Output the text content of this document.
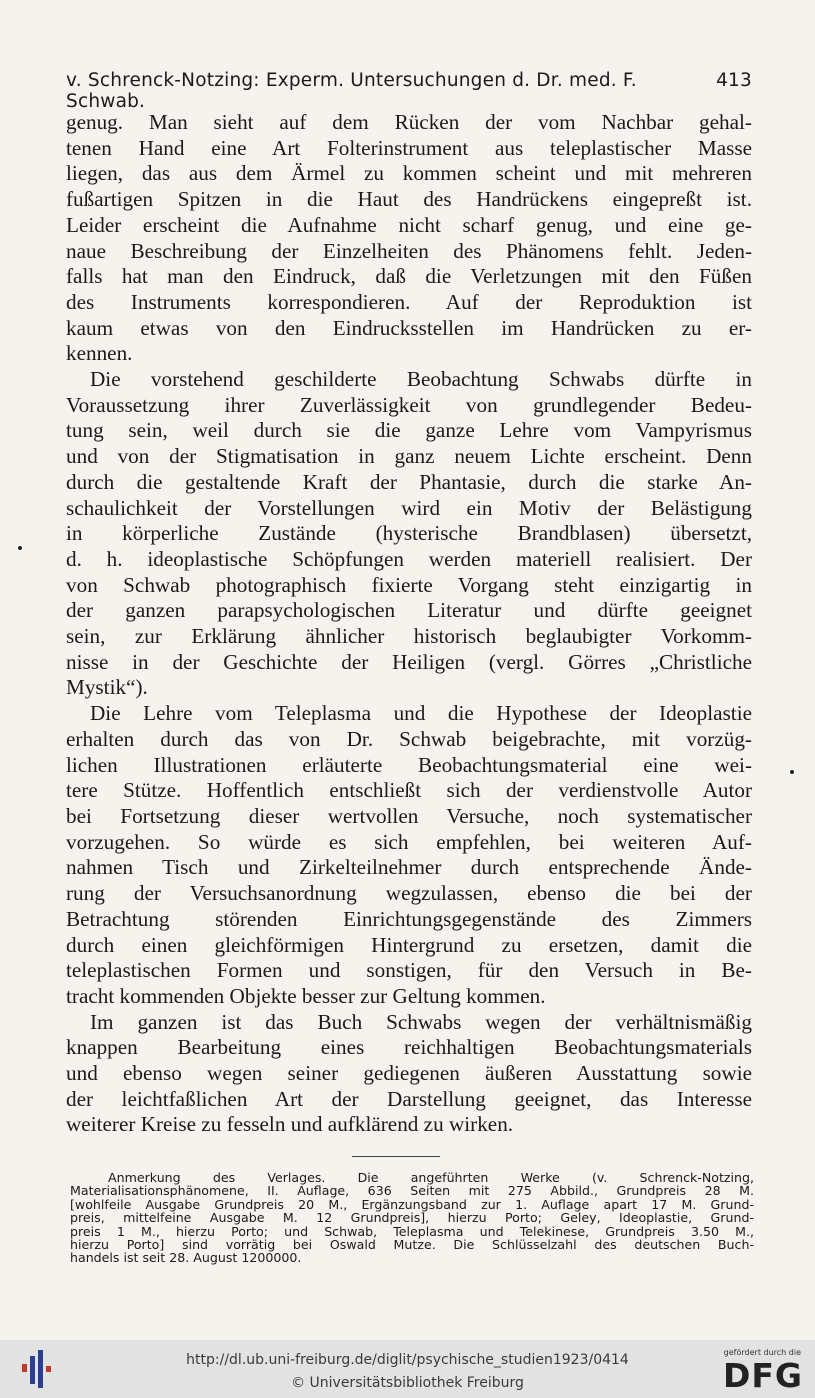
v. Schrenck-Notzing: Experm. Untersuchungen d. Dr. med. F. Schwab.
413

genug. Man sieht auf dem Rücken der vom Nachbar gehal-

tenen Hand eine Art Folterinstrument aus teleplastischer Masse

liegen, das aus dem Ärmel zu kommen scheint und mit mehreren

fußartigen Spitzen in die Haut des Handrückens eingepreßt ist.

Leider erscheint die Aufnahme nicht scharf genug, und eine ge-

naue Beschreibung der Einzelheiten des Phänomens fehlt. Jeden-

falls hat man den Eindruck, daß die Verletzungen mit den Füßen

des Instruments korrespondieren. Auf der Reproduktion ist

kaum etwas von den Eindrucksstellen im Handrücken zu er-

kennen.

Die vorstehend geschilderte Beobachtung Schwabs dürfte in

Voraussetzung ihrer Zuverlässigkeit von grundlegender Bedeu-

tung sein, weil durch sie die ganze Lehre vom Vampyrismus

und von der Stigmatisation in ganz neuem Lichte erscheint. Denn

durch die gestaltende Kraft der Phantasie, durch die starke An-

schaulichkeit der Vorstellungen wird ein Motiv der Belästigung

in körperliche Zustände (hysterische Brandblasen) übersetzt,

d. h. ideoplastische Schöpfungen werden materiell realisiert. Der

von Schwab photographisch fixierte Vorgang steht einzigartig in

der ganzen parapsychologischen Literatur und dürfte geeignet

sein, zur Erklärung ähnlicher historisch beglaubigter Vorkomm-

nisse in der Geschichte der Heiligen (vergl. Görres „Christliche

Mystik“).

Die Lehre vom Teleplasma und die Hypothese der Ideoplastie

erhalten durch das von Dr. Schwab beigebrachte, mit vorzüg-

lichen Illustrationen erläuterte Beobachtungsmaterial eine wei-

tere Stütze. Hoffentlich entschließt sich der verdienstvolle Autor

bei Fortsetzung dieser wertvollen Versuche, noch systematischer

vorzugehen. So würde es sich empfehlen, bei weiteren Auf-

nahmen Tisch und Zirkelteilnehmer durch entsprechende Ände-

rung der Versuchsanordnung wegzulassen, ebenso die bei der

Betrachtung störenden Einrichtungsgegenstände des Zimmers

durch einen gleichförmigen Hintergrund zu ersetzen, damit die

teleplastischen Formen und sonstigen, für den Versuch in Be-

tracht kommenden Objekte besser zur Geltung kommen.

Im ganzen ist das Buch Schwabs wegen der verhältnismäßig

knappen Bearbeitung eines reichhaltigen Beobachtungsmaterials

und ebenso wegen seiner gediegenen äußeren Ausstattung sowie

der leichtfaßlichen Art der Darstellung geeignet, das Interesse

weiterer Kreise zu fesseln und aufklärend zu wirken.

Anmerkung des Verlages. Die angeführten Werke (v. Schrenck-Notzing,

Materialisationsphänomene, II. Auflage, 636 Seiten mit 275 Abbild., Grundpreis 28 M.

[wohlfeile Ausgabe Grundpreis 20 M., Ergänzungsband zur 1. Auflage apart 17 M. Grund-

preis, mittelfeine Ausgabe M. 12 Grundpreis], hierzu Porto; Geley, Ideoplastie, Grund-

preis 1 M., hierzu Porto; und Schwab, Teleplasma und Telekinese, Grundpreis 3.50 M.,

hierzu Porto] sind vorrätig bei Oswald Mutze. Die Schlüsselzahl des deutschen Buch-

handels ist seit 28. August 1200000.

http://dl.ub.uni-freiburg.de/diglit/psychische_studien1923/0414
© Universitätsbibliothek Freiburg
gefördert durch die
DFG
